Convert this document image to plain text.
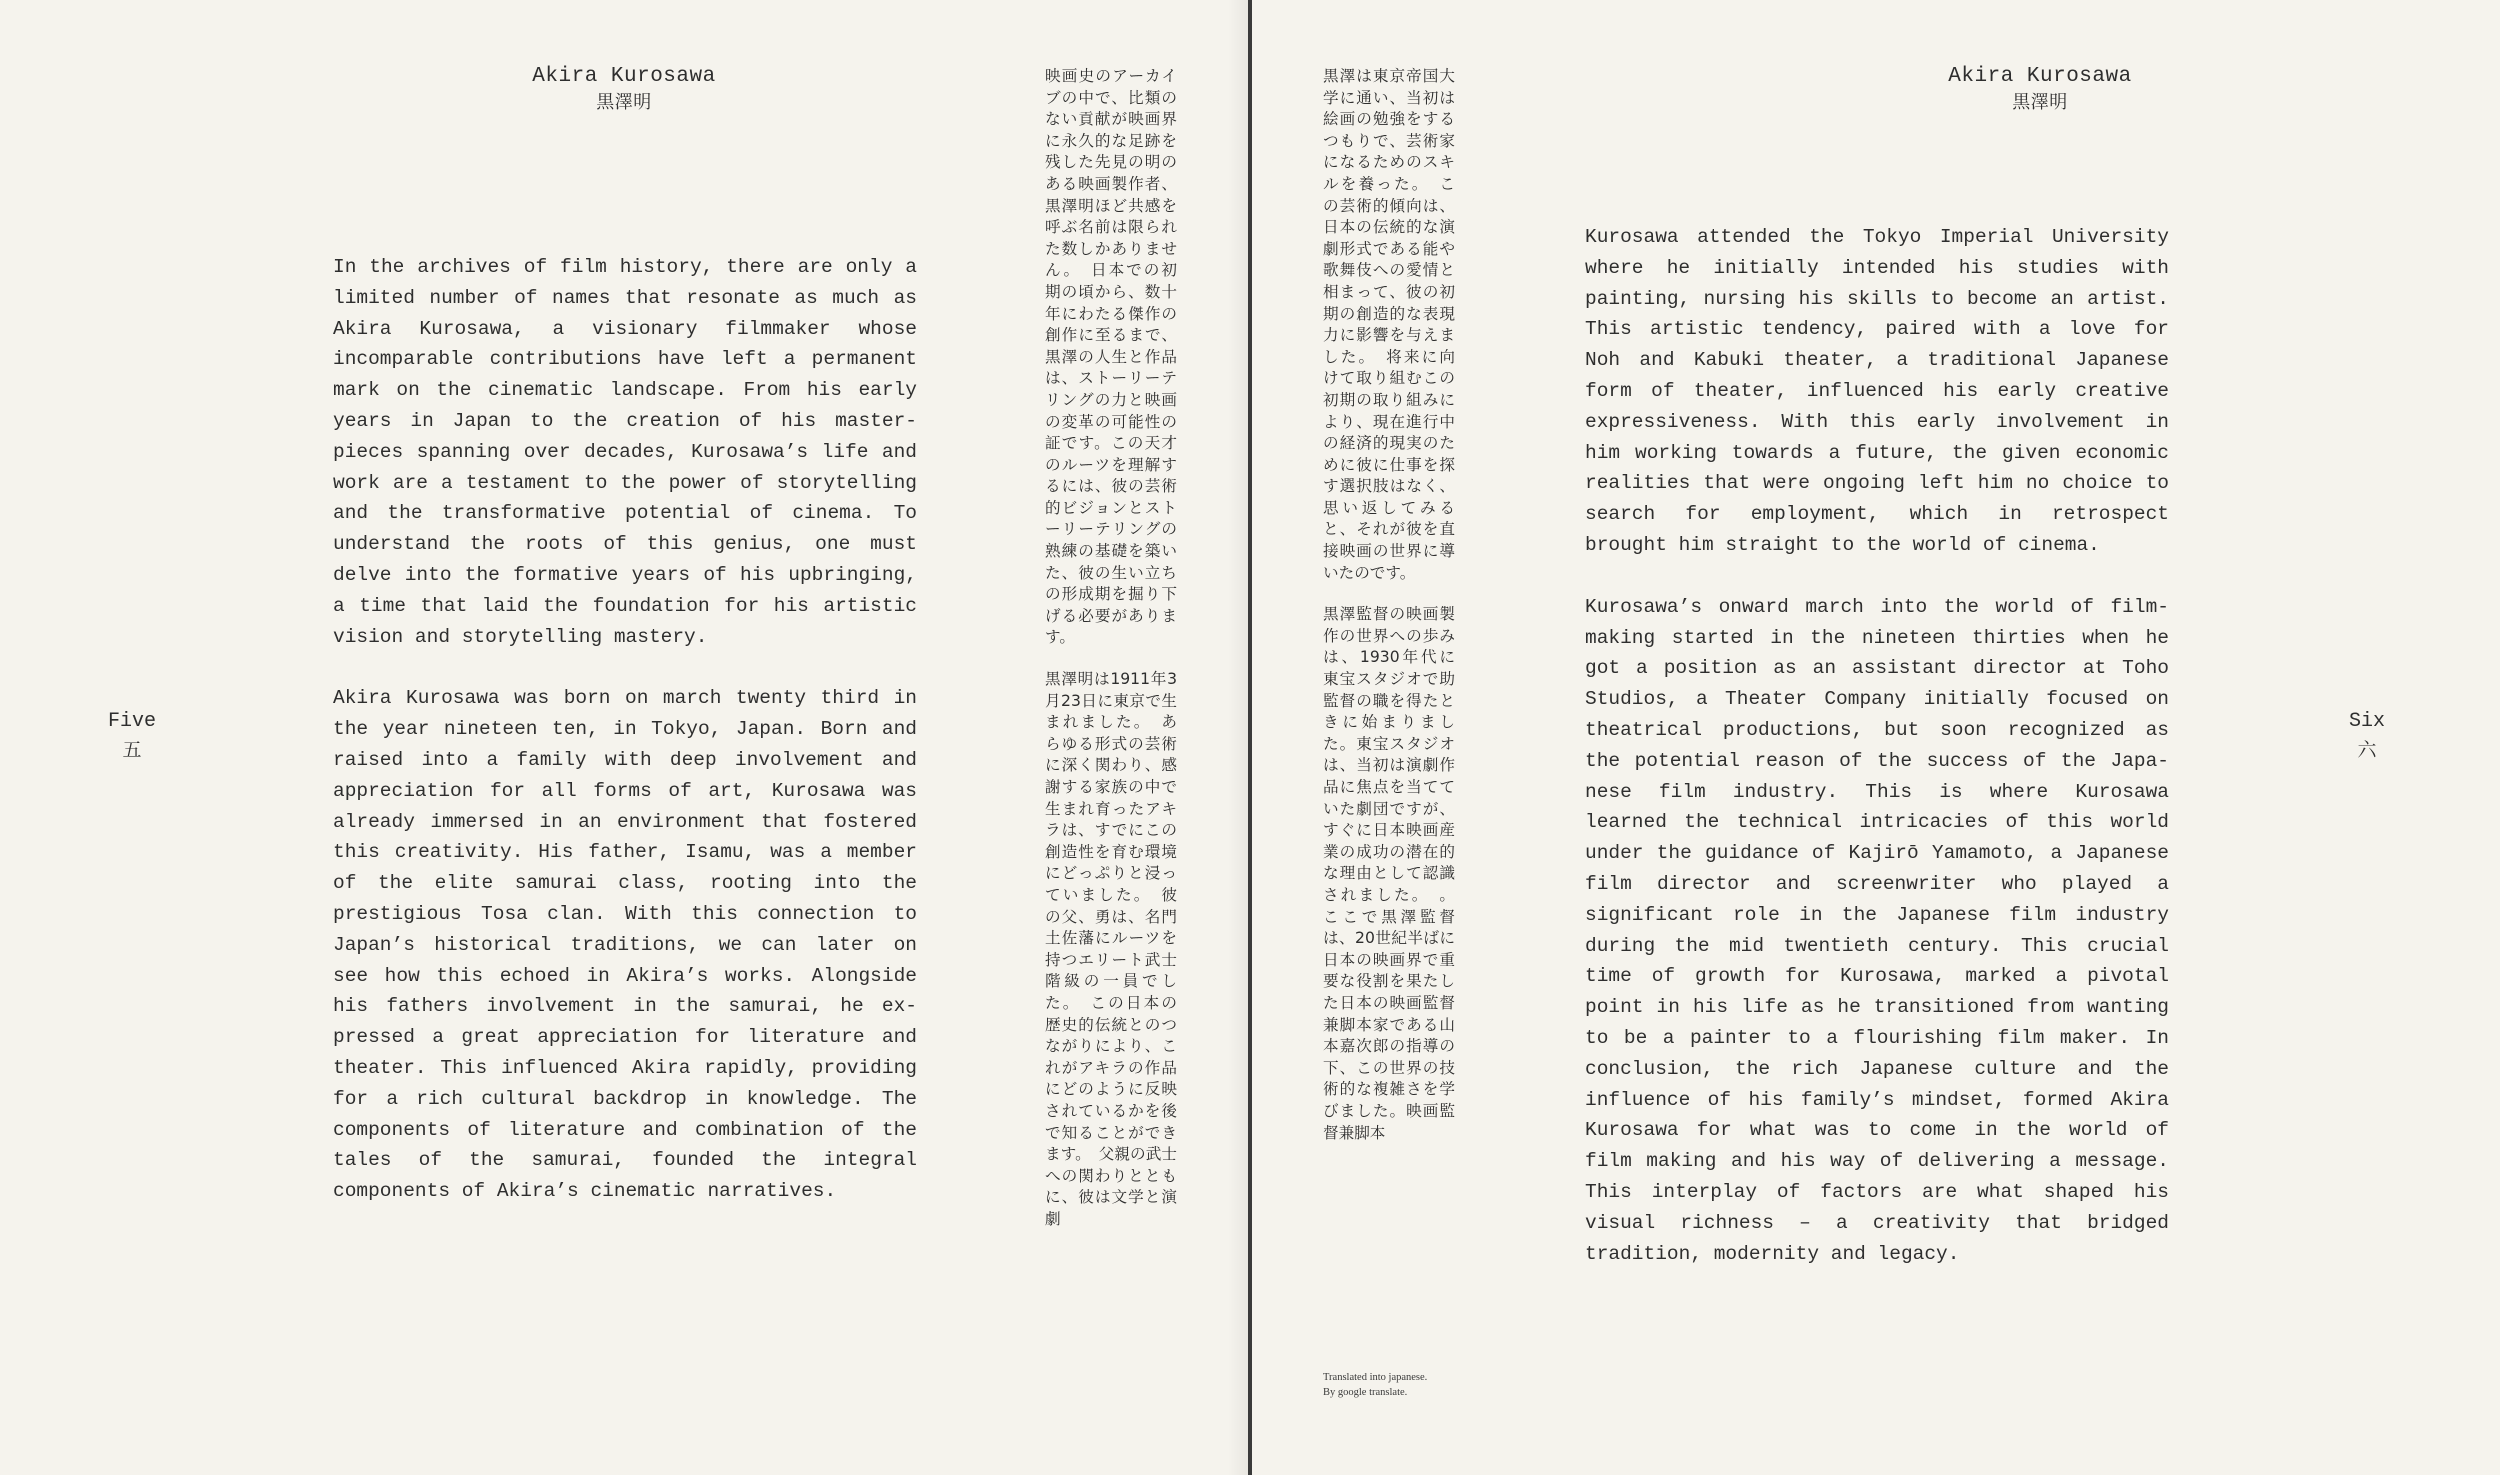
Akira Kurosawa
黒澤明
Five
五

In the archives of film history, there are only a limited number of names that resonate as much as Akira Kurosawa, a visionary filmmaker whose incomparable contributions have left a permanent mark on the cinematic landscape. From his early years in Japan to the creation of his masterpieces spanning over decades, Kurosawa’s life and work are a testament to the power of storytelling and the transformative potential of cinema. To understand the roots of this genius, one must delve into the formative years of his upbringing, a time that laid the foundation for his artistic vision and storytelling mastery.

Akira Kurosawa was born on march twenty third in the year nineteen ten, in Tokyo, Japan. Born and raised into a family with deep involvement and appreciation for all forms of art, Kurosawa was already immersed in an environment that fostered this creativity. His father, Isamu, was a member of the elite samurai class, rooting into the prestigious Tosa clan. With this connection to Japan’s historical traditions, we can later on see how this echoed in Akira’s works. Alongside his fathers involvement in the samurai, he expressed a great appreciation for literature and theater. This influenced Akira rapidly, providing for a rich cultural backdrop in knowledge. The components of literature and combination of the tales of the samurai, founded the integral components of Akira’s cinematic narratives.

映画史のアーカイブの中で、比類のない貢献が映画界に永久的な足跡を残した先見の明のある映画製作者、黒澤明ほど共感を呼ぶ名前は限られた数しかありません。　日本での初期の頃から、数十年にわたる傑作の創作に至るまで、黒澤の人生と作品は、ストーリーテリングの力と映画の変革の可能性の証です。この天才のルーツを理解するには、彼の芸術的ビジョンとストーリーテリングの熟練の基礎を築いた、彼の生い立ちの形成期を掘り下げる必要があります。

黒澤明は1911年3月23日に東京で生まれました。　あらゆる形式の芸術に深く関わり、感謝する家族の中で生まれ育ったアキラは、すでにこの創造性を育む環境にどっぷりと浸っていました。　彼の父、勇は、名門土佐藩にルーツを持つエリート武士階級の一員でした。　この日本の歴史的伝統とのつながりにより、これがアキラの作品にどのように反映されているかを後で知ることができます。　父親の武士への関わりとともに、彼は文学と演劇

Akira Kurosawa
黒澤明
Six
六

黒澤は東京帝国大学に通い、当初は絵画の勉強をするつもりで、芸術家になるためのスキルを養った。　この芸術的傾向は、日本の伝統的な演劇形式である能や歌舞伎への愛情と相まって、彼の初期の創造的な表現力に影響を与えました。　将来に向けて取り組むこの初期の取り組みにより、現在進行中の経済的現実のために彼に仕事を探す選択肢はなく、思い返してみると、それが彼を直接映画の世界に導いたのです。

黒澤監督の映画製作の世界への歩みは、1930年代に東宝スタジオで助監督の職を得たときに始まりました。東宝スタジオは、当初は演劇作品に焦点を当てていた劇団ですが、すぐに日本映画産業の成功の潜在的な理由として認識されました。　。ここで黒澤監督は、20世紀半ばに日本の映画界で重要な役割を果たした日本の映画監督兼脚本家である山本嘉次郎の指導の下、この世界の技術的な複雑さを学びました。映画監督兼脚本

Kurosawa attended the Tokyo Imperial University where he initially intended his studies with painting, nursing his skills to become an artist. This artistic tendency, paired with a love for Noh and Kabuki theater, a traditional Japanese form of theater, influenced his early creative expressiveness. With this early involvement in him working towards a future, the given economic realities that were ongoing left him no choice to search for employment, which in retrospect brought him straight to the world of cinema.

Kurosawa’s onward march into the world of filmmaking started in the nineteen thirties when he got a position as an assistant director at Toho Studios, a Theater Company initially focused on theatrical productions, but soon recognized as the potential reason of the success of the Japanese film industry. This is where Kurosawa learned the technical intricacies of this world under the guidance of Kajirō Yamamoto, a Japanese film director and screenwriter who played a significant role in the Japanese film industry during the mid twentieth century. This crucial time of growth for Kurosawa, marked a pivotal point in his life as he transitioned from wanting to be a painter to a flourishing film maker. In conclusion, the rich Japanese culture and the influence of his family’s mindset, formed Akira Kurosawa for what was to come in the world of film making and his way of delivering a message. This interplay of factors are what shaped his visual richness – a creativity that bridged tradition, modernity and legacy.

Translated into japanese.
By google translate.
